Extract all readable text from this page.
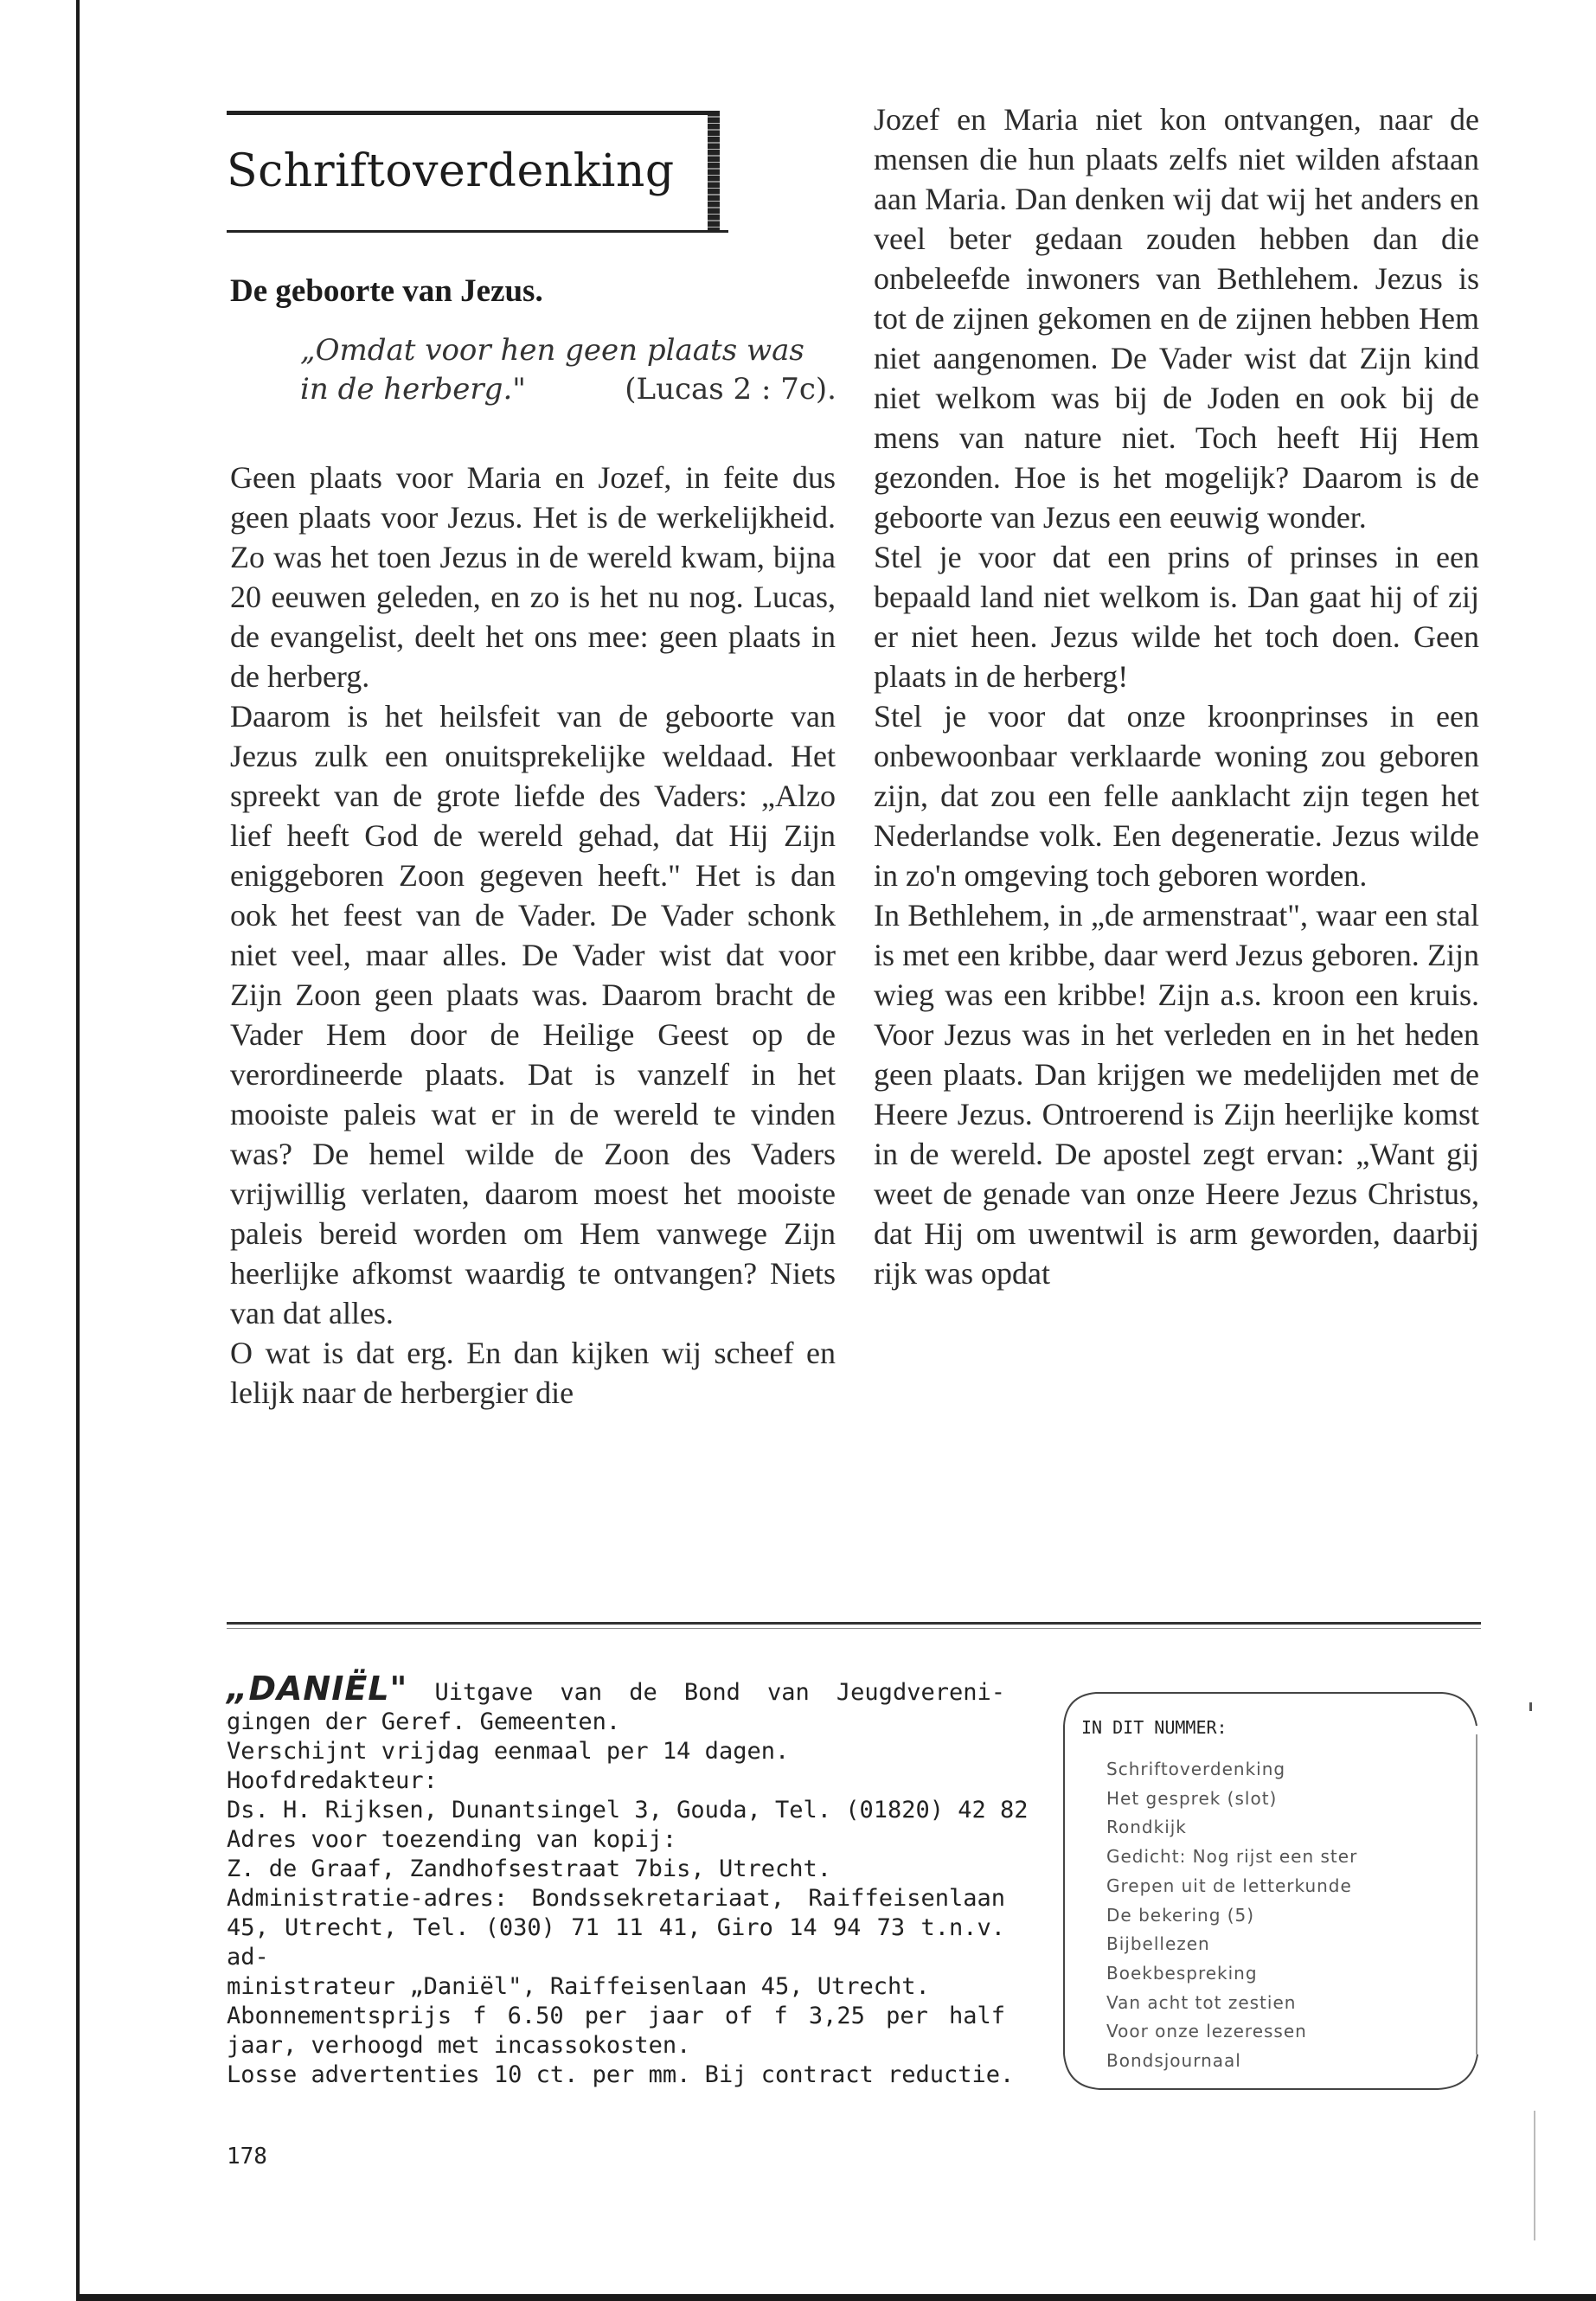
Schriftoverdenking
De geboorte van Jezus.
„Omdat voor hen geen plaats was
in de herberg."	(Lucas 2 : 7c).

Geen plaats voor Maria en Jozef, in feite dus geen plaats voor Jezus. Het is de werkelijkheid. Zo was het toen Jezus in de wereld kwam, bijna 20 eeuwen geleden, en zo is het nu nog. Lucas, de evangelist, deelt het ons mee: geen plaats in de herberg.

Daarom is het heilsfeit van de geboorte van Jezus zulk een onuitsprekelijke weldaad. Het spreekt van de grote liefde des Vaders: „Alzo lief heeft God de wereld gehad, dat Hij Zijn eniggeboren Zoon gegeven heeft." Het is dan ook het feest van de Vader. De Vader schonk niet veel, maar alles. De Vader wist dat voor Zijn Zoon geen plaats was. Daarom bracht de Vader Hem door de Heilige Geest op de verordineerde plaats. Dat is vanzelf in het mooiste paleis wat er in de wereld te vinden was? De hemel wilde de Zoon des Vaders vrijwillig verlaten, daarom moest het mooiste paleis bereid worden om Hem vanwege Zijn heerlijke afkomst waardig te ontvangen? Niets van dat alles.

O wat is dat erg. En dan kijken wij scheef en lelijk naar de herbergier die

Jozef en Maria niet kon ontvangen, naar de mensen die hun plaats zelfs niet wilden afstaan aan Maria. Dan denken wij dat wij het anders en veel beter gedaan zouden hebben dan die onbeleefde inwoners van Bethlehem. Jezus is tot de zijnen gekomen en de zijnen hebben Hem niet aangenomen. De Vader wist dat Zijn kind niet welkom was bij de Joden en ook bij de mens van nature niet. Toch heeft Hij Hem gezonden. Hoe is het mogelijk? Daarom is de geboorte van Jezus een eeuwig wonder.

Stel je voor dat een prins of prinses in een bepaald land niet welkom is. Dan gaat hij of zij er niet heen. Jezus wilde het toch doen. Geen plaats in de herberg!

Stel je voor dat onze kroonprinses in een onbewoonbaar verklaarde woning zou geboren zijn, dat zou een felle aanklacht zijn tegen het Nederlandse volk. Een degeneratie. Jezus wilde in zo'n omgeving toch geboren worden.

In Bethlehem, in „de armenstraat", waar een stal is met een kribbe, daar werd Jezus geboren. Zijn wieg was een kribbe! Zijn a.s. kroon een kruis. Voor Jezus was in het verleden en in het heden geen plaats. Dan krijgen we medelijden met de Heere Jezus. Ontroerend is Zijn heerlijke komst in de wereld. De apostel zegt ervan: „Want gij weet de genade van onze Heere Jezus Christus, dat Hij om uwentwil is arm geworden, daarbij rijk was opdat

„DANIËL" Uitgave van de Bond van Jeugdvereni-
gingen der Geref. Gemeenten.
Verschijnt vrijdag eenmaal per 14 dagen.
Hoofdredakteur:
Ds. H. Rijksen, Dunantsingel 3, Gouda, Tel. (01820) 42 82
Adres voor toezending van kopij:
Z. de Graaf, Zandhofsestraat 7bis, Utrecht.
Administratie-adres: Bondssekretariaat, Raiffeisenlaan
45, Utrecht, Tel. (030) 71 11 41, Giro 14 94 73 t.n.v. ad-
ministrateur „Daniël", Raiffeisenlaan 45, Utrecht.
Abonnementsprijs f 6.50 per jaar of f 3,25 per half
jaar, verhoogd met incassokosten.
Losse advertenties 10 ct. per mm. Bij contract reductie.
IN DIT NUMMER:
Schriftoverdenking
Het gesprek (slot)
Rondkijk
Gedicht: Nog rijst een ster
Grepen uit de letterkunde
De bekering (5)
Bijbellezen
Boekbespreking
Van acht tot zestien
Voor onze lezeressen
Bondsjournaal
178
